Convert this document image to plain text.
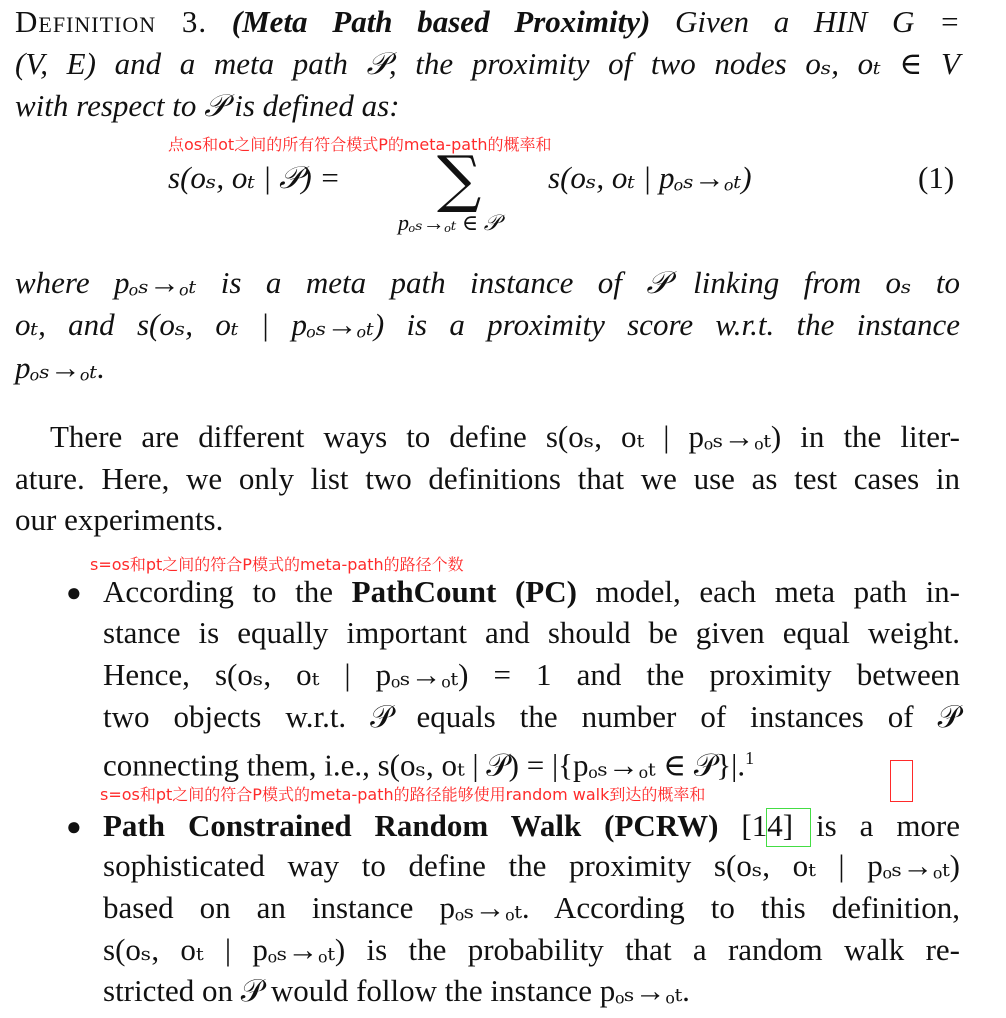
Definition 3. (Meta Path based Proximity) Given a HIN G =
(V, E) and a meta path 𝒫, the proximity of two nodes oₛ, oₜ ∈ V
with respect to 𝒫 is defined as:
点os和ot之间的所有符合模式P的meta-path的概率和
s(oₛ, oₜ | 𝒫) = ∑
pₒₛ→ₒₜ ∈ 𝒫
s(oₛ, oₜ | pₒₛ→ₒₜ)	(1)
where pₒₛ→ₒₜ is a meta path instance of 𝒫 linking from oₛ to
oₜ, and s(oₛ, oₜ | pₒₛ→ₒₜ) is a proximity score w.r.t. the instance
pₒₛ→ₒₜ.
There are different ways to define s(oₛ, oₜ | pₒₛ→ₒₜ) in the liter-
ature. Here, we only list two definitions that we use as test cases in
our experiments.
s=os和pt之间的符合P模式的meta-path的路径个数
● According to the PathCount (PC) model, each meta path in-
stance is equally important and should be given equal weight.
Hence, s(oₛ, oₜ | pₒₛ→ₒₜ) = 1 and the proximity between
two objects w.r.t. 𝒫 equals the number of instances of 𝒫
connecting them, i.e., s(oₛ, oₜ | 𝒫) = |{pₒₛ→ₒₜ ∈ 𝒫}|.$^1$
s=os和pt之间的符合P模式的meta-path的路径能够使用random walk到达的概率和
● Path Constrained Random Walk (PCRW) [14] is a more
sophisticated way to define the proximity s(oₛ, oₜ | pₒₛ→ₒₜ)
based on an instance pₒₛ→ₒₜ. According to this definition,
s(oₛ, oₜ | pₒₛ→ₒₜ) is the probability that a random walk re-
stricted on 𝒫 would follow the instance pₒₛ→ₒₜ.
